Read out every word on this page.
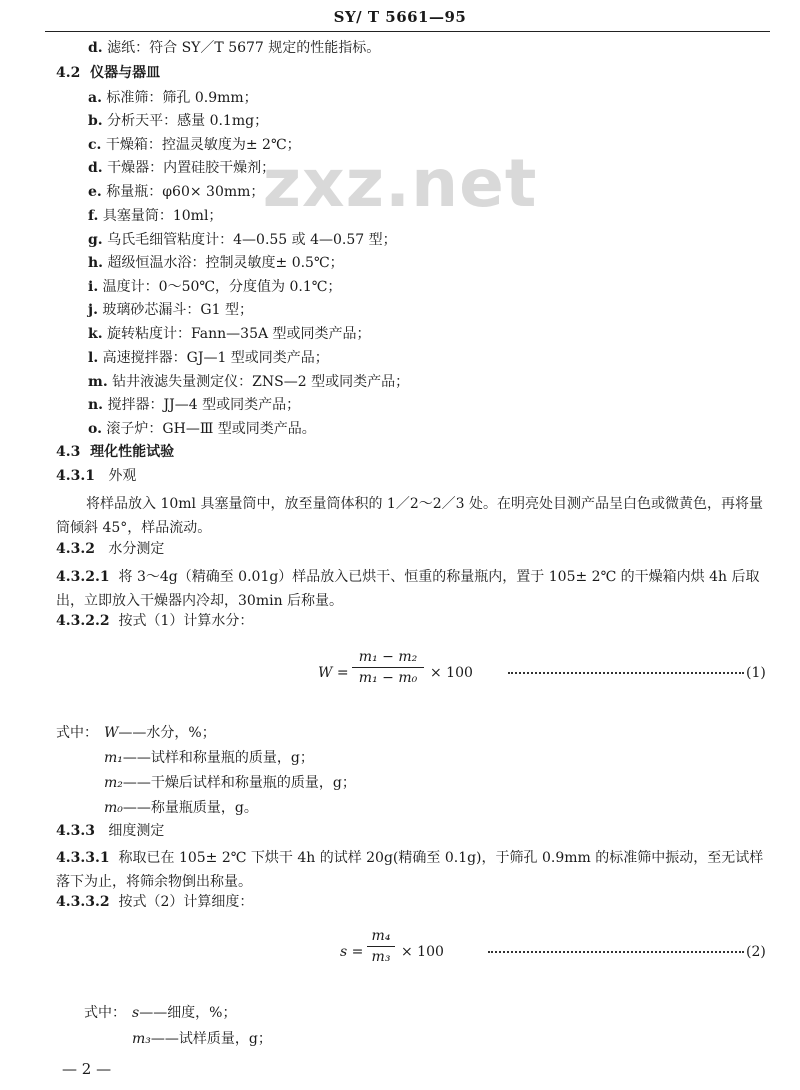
SY/ T 5661—95
zxz.net
d. 滤纸：符合 SY／T 5677 规定的性能指标。
4.2 仪器与器皿
a. 标准筛：筛孔 0.9mm；
b. 分析天平：感量 0.1mg；
c. 干燥箱：控温灵敏度为± 2℃；
d. 干燥器：内置硅胶干燥剂；
e. 称量瓶：φ60× 30mm；
f. 具塞量筒：10ml；
g. 乌氏毛细管粘度计：4—0.55 或 4—0.57 型；
h. 超级恒温水浴：控制灵敏度± 0.5℃；
i. 温度计：0～50℃，分度值为 0.1℃；
j. 玻璃砂芯漏斗：G1 型；
k. 旋转粘度计：Fann—35A 型或同类产品；
l. 高速搅拌器：GJ—1 型或同类产品；
m. 钻井液滤失量测定仪：ZNS—2 型或同类产品；
n. 搅拌器：JJ—4 型或同类产品；
o. 滚子炉：GH—Ⅲ 型或同类产品。
4.3 理化性能试验
4.3.1 外观
将样品放入 10ml 具塞量筒中，放至量筒体积的 1／2～2／3 处。在明亮处目测产品呈白色或微黄色，再将量筒倾斜 45°，样品流动。
4.3.2 水分测定
4.3.2.1 将 3～4g（精确至 0.01g）样品放入已烘干、恒重的称量瓶内，置于 105± 2℃ 的干燥箱内烘 4h 后取出，立即放入干燥器内冷却，30min 后称量。
4.3.2.2 按式（1）计算水分：
W =
m₁ − m₂
m₁ − m₀ × 100	(1)
式中： W——水分，%；
m₁——试样和称量瓶的质量，g；
m₂——干燥后试样和称量瓶的质量，g；
m₀——称量瓶质量，g。
4.3.3 细度测定
4.3.3.1 称取已在 105± 2℃ 下烘干 4h 的试样 20g(精确至 0.1g)，于筛孔 0.9mm 的标准筛中振动，至无试样落下为止，将筛余物倒出称量。
4.3.3.2 按式（2）计算细度：
s =
m₄
m₃ × 100	(2)
式中： s——细度，%；
m₃——试样质量，g；
— 2 —
